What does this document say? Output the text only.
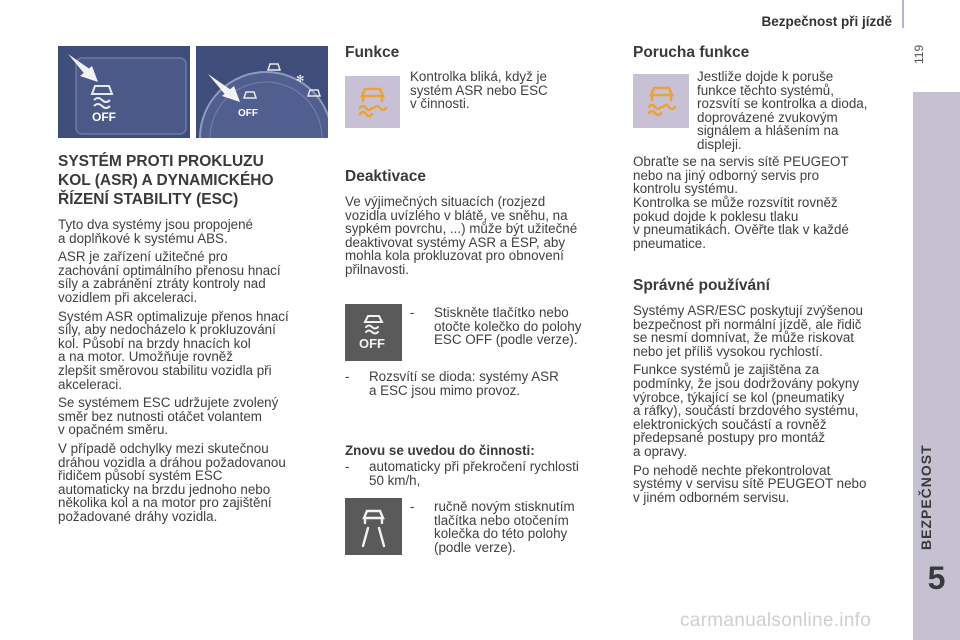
Bezpečnost při jízdě
119
BEZPEČNOST
5
OFF
✻
OFF
SYSTÉM PROTI PROKLUZU
KOL (ASR) A DYNAMICKÉHO
ŘÍZENÍ STABILITY (ESC)

Tyto dva systémy jsou propojené
a doplňkové k systému ABS.

ASR je zařízení užitečné pro
zachování optimálního přenosu hnací
síly a zabránění ztráty kontroly nad
vozidlem při akceleraci.

Systém ASR optimalizuje přenos hnací
síly, aby nedocházelo k prokluzování
kol. Působí na brzdy hnacích kol
a na motor. Umožňuje rovněž
zlepšit směrovou stabilitu vozidla při
akceleraci.

Se systémem ESC udržujete zvolený
směr bez nutnosti otáčet volantem
v opačném směru.

V případě odchylky mezi skutečnou
dráhou vozidla a dráhou požadovanou
řidičem působí systém ESC
automaticky na brzdu jednoho nebo
několika kol a na motor pro zajištění
požadované dráhy vozidla.

Funkce
Kontrolka bliká, když je
systém ASR nebo ESC
v činnosti.
Deaktivace
Ve výjimečných situacích (rozjezd
vozidla uvízlého v blátě, ve sněhu, na
sypkém povrchu, ...) může být užitečné
deaktivovat systémy ASR a ESP, aby
mohla kola prokluzovat pro obnovení
přilnavosti.
OFF
-	Stiskněte tlačítko nebo
otočte kolečko do polohy
ESC OFF (podle verze).
-	Rozsvítí se dioda: systémy ASR
a ESC jsou mimo provoz.
Znovu se uvedou do činnosti:
-	automaticky při překročení rychlosti
50 km/h,
-	ručně novým stisknutím
tlačítka nebo otočením
kolečka do této polohy
(podle verze).
Porucha funkce
Jestliže dojde k poruše
funkce těchto systémů,
rozsvítí se kontrolka a dioda,
doprovázené zvukovým
signálem a hlášením na
displeji.
Obraťte se na servis sítě PEUGEOT
nebo na jiný odborný servis pro
kontrolu systému.
Kontrolka se může rozsvítit rovněž
pokud dojde k poklesu tlaku
v pneumatikách. Ověřte tlak v každé
pneumatice.
Správné používání

Systémy ASR/ESC poskytují zvýšenou
bezpečnost při normální jízdě, ale řidič
se nesmí domnívat, že může riskovat
nebo jet příliš vysokou rychlostí.

Funkce systémů je zajištěna za
podmínky, že jsou dodržovány pokyny
výrobce, týkající se kol (pneumatiky
a ráfky), součástí brzdového systému,
elektronických součástí a rovněž
předepsané postupy pro montáž
a opravy.

Po nehodě nechte překontrolovat
systémy v servisu sítě PEUGEOT nebo
v jiném odborném servisu.

carmanualsonline.info
